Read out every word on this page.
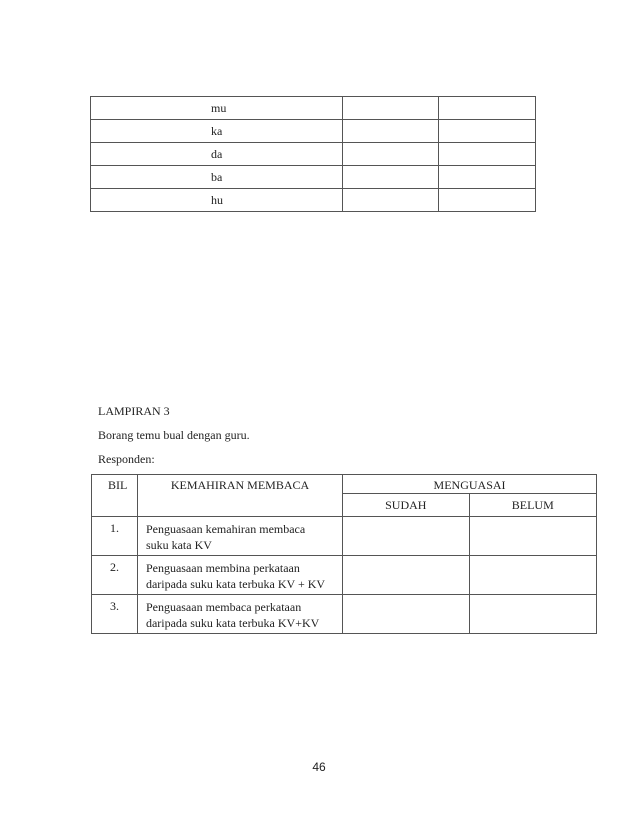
mu		
ka		
da		
ba		
hu		
LAMPIRAN 3
Borang temu bual dengan guru.
Responden:
BIL	KEMAHIRAN MEMBACA	MENGUASAI	
		SUDAH	BELUM
1.	Penguasaan kemahiran membaca
suku kata KV		

2.	Penguasaan membina perkataan
daripada suku kata terbuka KV + KV		

3.	Penguasaan membaca perkataan
daripada suku kata terbuka KV+KV		

46
